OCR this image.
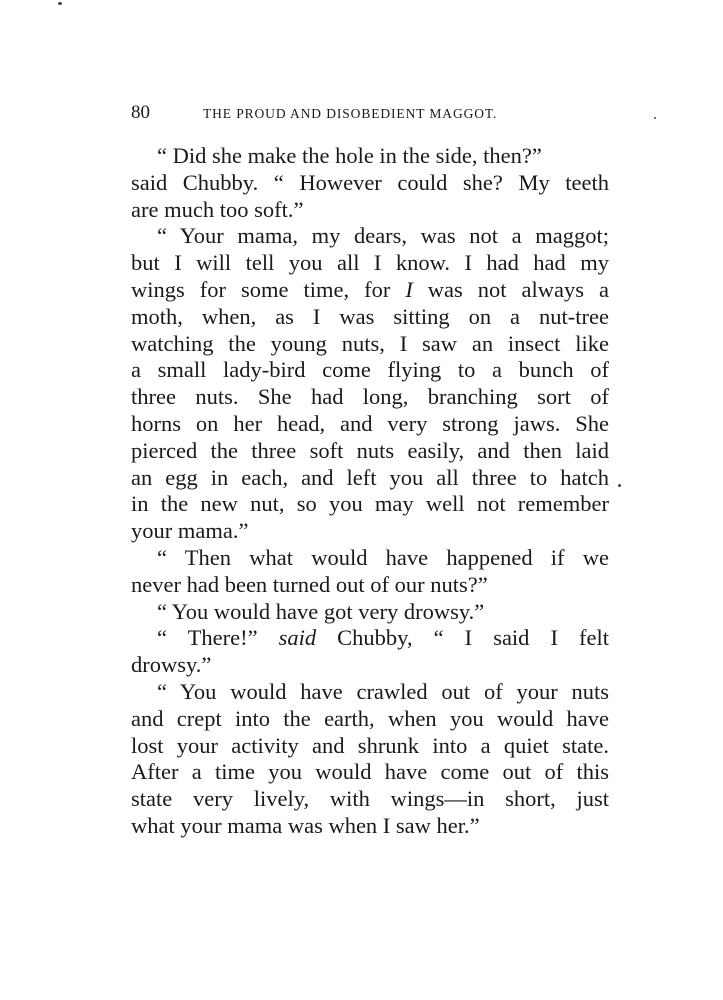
80	THE PROUD AND DISOBEDIENT MAGGOT.
“ Did she make the hole in the side, then?”
said Chubby. “ However could she? My teeth
are much too soft.”
“ Your mama, my dears, was not a maggot;
but I will tell you all I know. I had had my
wings for some time, for I was not always a
moth, when, as I was sitting on a nut-tree
watching the young nuts, I saw an insect like
a small lady-bird come flying to a bunch of
three nuts. She had long, branching sort of
horns on her head, and very strong jaws. She
pierced the three soft nuts easily, and then laid
an egg in each, and left you all three to hatch
in the new nut, so you may well not remember
your mama.”
“ Then what would have happened if we
never had been turned out of our nuts?”
“ You would have got very drowsy.”
“ There!” said Chubby, “ I said I felt
drowsy.”
“ You would have crawled out of your nuts
and crept into the earth, when you would have
lost your activity and shrunk into a quiet state.
After a time you would have come out of this
state very lively, with wings—in short, just
what your mama was when I saw her.”
